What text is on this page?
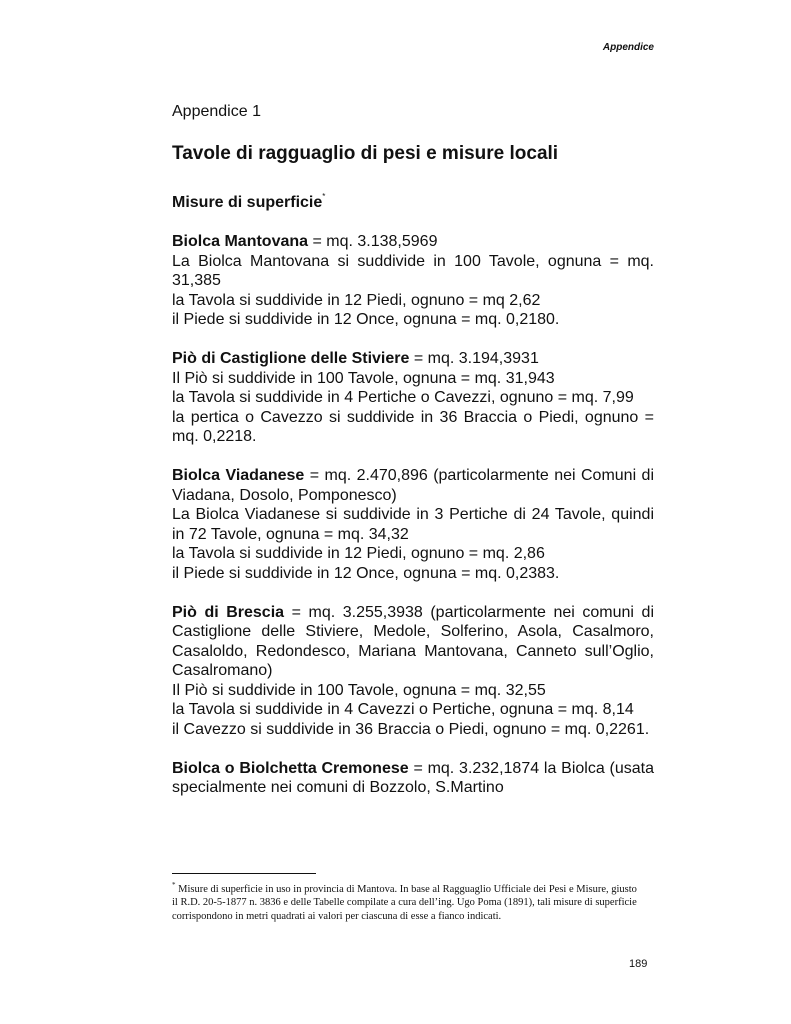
Appendice

Appendice 1

Tavole di ragguaglio di pesi e misure locali
Misure di superficie*

Biolca Mantovana = mq. 3.138,5969

La Biolca Mantovana si suddivide in 100 Tavole, ognuna = mq. 31,385

la Tavola si suddivide in 12 Piedi, ognuno = mq 2,62

il Piede si suddivide in 12 Once, ognuna = mq. 0,2180.

Piò di Castiglione delle Stiviere = mq. 3.194,3931

Il Piò si suddivide in 100 Tavole, ognuna = mq. 31,943

la Tavola si suddivide in 4 Pertiche o Cavezzi, ognuno = mq. 7,99

la pertica o Cavezzo si suddivide in 36 Braccia o Piedi, ognuno = mq. 0,2218.

Biolca Viadanese = mq. 2.470,896 (particolarmente nei Comuni di Viadana, Dosolo, Pomponesco)

La Biolca Viadanese si suddivide in 3 Pertiche di 24 Tavole, quindi in 72 Tavole, ognuna = mq. 34,32

la Tavola si suddivide in 12 Piedi, ognuno = mq. 2,86

il Piede si suddivide in 12 Once, ognuna = mq. 0,2383.

Piò di Brescia = mq. 3.255,3938 (particolarmente nei comuni di Castiglione delle Stiviere, Medole, Solferino, Asola, Casalmoro, Casaloldo, Redondesco, Mariana Mantovana, Canneto sull’Oglio, Casalromano)

Il Piò si suddivide in 100 Tavole, ognuna = mq. 32,55

la Tavola si suddivide in 4 Cavezzi o Pertiche, ognuna = mq. 8,14

il Cavezzo si suddivide in 36 Braccia o Piedi, ognuno = mq. 0,2261.

Biolca o Biolchetta Cremonese = mq. 3.232,1874 la Biolca (usata specialmente nei comuni di Bozzolo, S.Martino

* Misure di superficie in uso in provincia di Mantova. In base al Ragguaglio Ufficiale dei Pesi e Misure, giusto il R.D. 20-5-1877 n. 3836 e delle Tabelle compilate a cura dell’ing. Ugo Poma (1891), tali misure di superficie corrispondono in metri quadrati ai valori per ciascuna di esse a fianco indicati.
189
